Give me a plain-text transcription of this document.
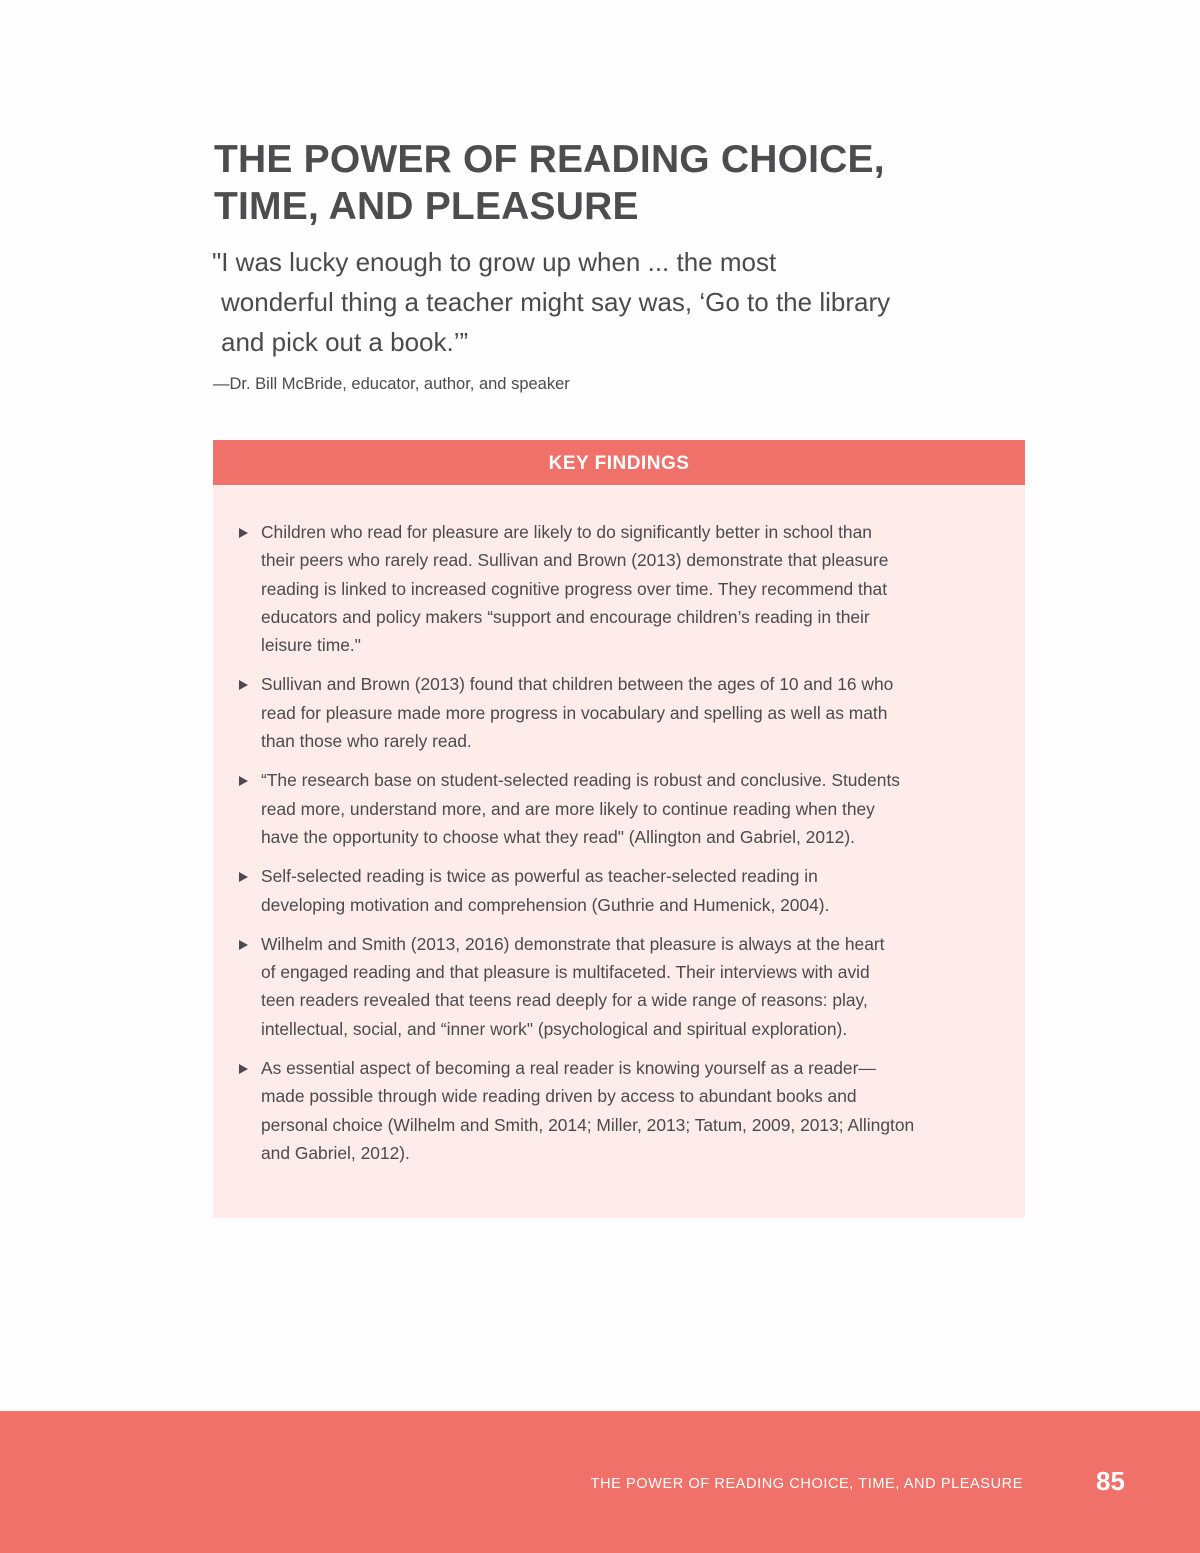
THE POWER OF READING CHOICE,
TIME, AND PLEASURE
"I was lucky enough to grow up when ... the most
wonderful thing a teacher might say was, ‘Go to the library
and pick out a book.’”

—Dr. Bill McBride, educator, author, and speaker

KEY FINDINGS
Children who read for pleasure are likely to do significantly better in school than
their peers who rarely read. Sullivan and Brown (2013) demonstrate that pleasure
reading is linked to increased cognitive progress over time. They recommend that
educators and policy makers “support and encourage children’s reading in their
leisure time."
Sullivan and Brown (2013) found that children between the ages of 10 and 16 who
read for pleasure made more progress in vocabulary and spelling as well as math
than those who rarely read.
“The research base on student-selected reading is robust and conclusive. Students
read more, understand more, and are more likely to continue reading when they
have the opportunity to choose what they read" (Allington and Gabriel, 2012).
Self-selected reading is twice as powerful as teacher-selected reading in
developing motivation and comprehension (Guthrie and Humenick, 2004).
Wilhelm and Smith (2013, 2016) demonstrate that pleasure is always at the heart
of engaged reading and that pleasure is multifaceted. Their interviews with avid
teen readers revealed that teens read deeply for a wide range of reasons: play,
intellectual, social, and “inner work" (psychological and spiritual exploration).
As essential aspect of becoming a real reader is knowing yourself as a reader—
made possible through wide reading driven by access to abundant books and
personal choice (Wilhelm and Smith, 2014; Miller, 2013; Tatum, 2009, 2013; Allington
and Gabriel, 2012).
THE POWER OF READING CHOICE, TIME, AND PLEASURE	85
